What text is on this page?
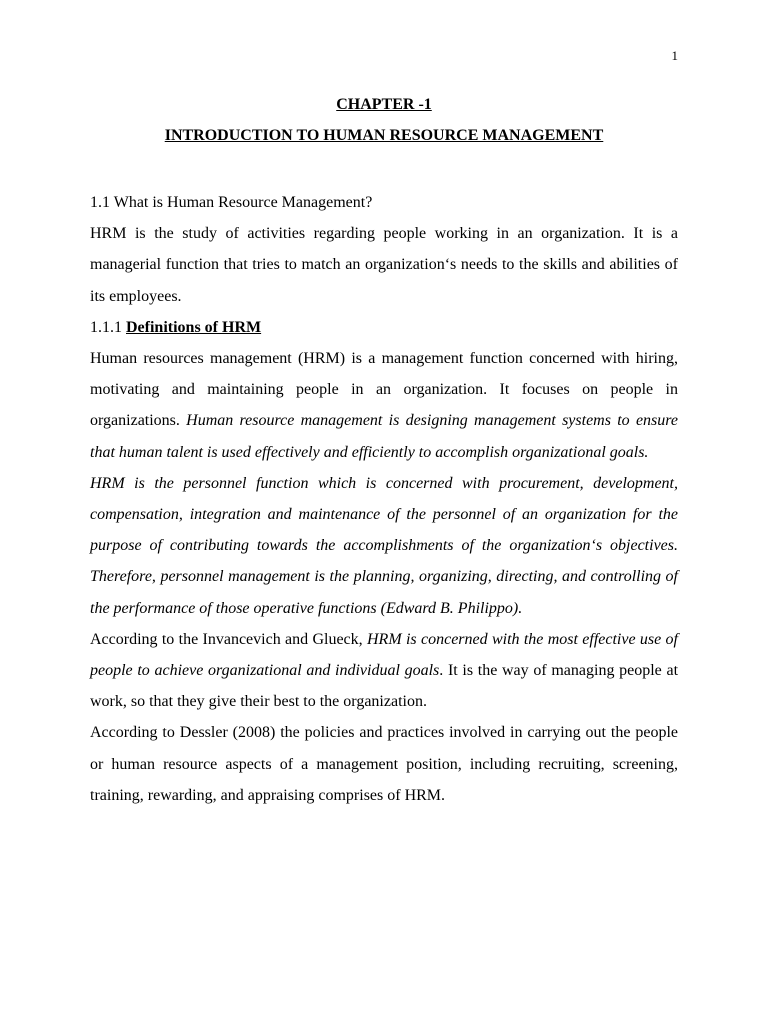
1
CHAPTER -1
INTRODUCTION TO HUMAN RESOURCE MANAGEMENT

1.1 What is Human Resource Management?

HRM is the study of activities regarding people working in an organization. It is a managerial function that tries to match an organization‘s needs to the skills and abilities of its employees.

1.1.1 Definitions of HRM

Human resources management (HRM) is a management function concerned with hiring, motivating and maintaining people in an organization. It focuses on people in organizations. Human resource management is designing management systems to ensure that human talent is used effectively and efficiently to accomplish organizational goals.

HRM is the personnel function which is concerned with procurement, development, compensation, integration and maintenance of the personnel of an organization for the purpose of contributing towards the accomplishments of the organization‘s objectives. Therefore, personnel management is the planning, organizing, directing, and controlling of the performance of those operative functions (Edward B. Philippo).

According to the Invancevich and Glueck, HRM is concerned with the most effective use of people to achieve organizational and individual goals. It is the way of managing people at work, so that they give their best to the organization.

According to Dessler (2008) the policies and practices involved in carrying out the people or human resource aspects of a management position, including recruiting, screening, training, rewarding, and appraising comprises of HRM.
